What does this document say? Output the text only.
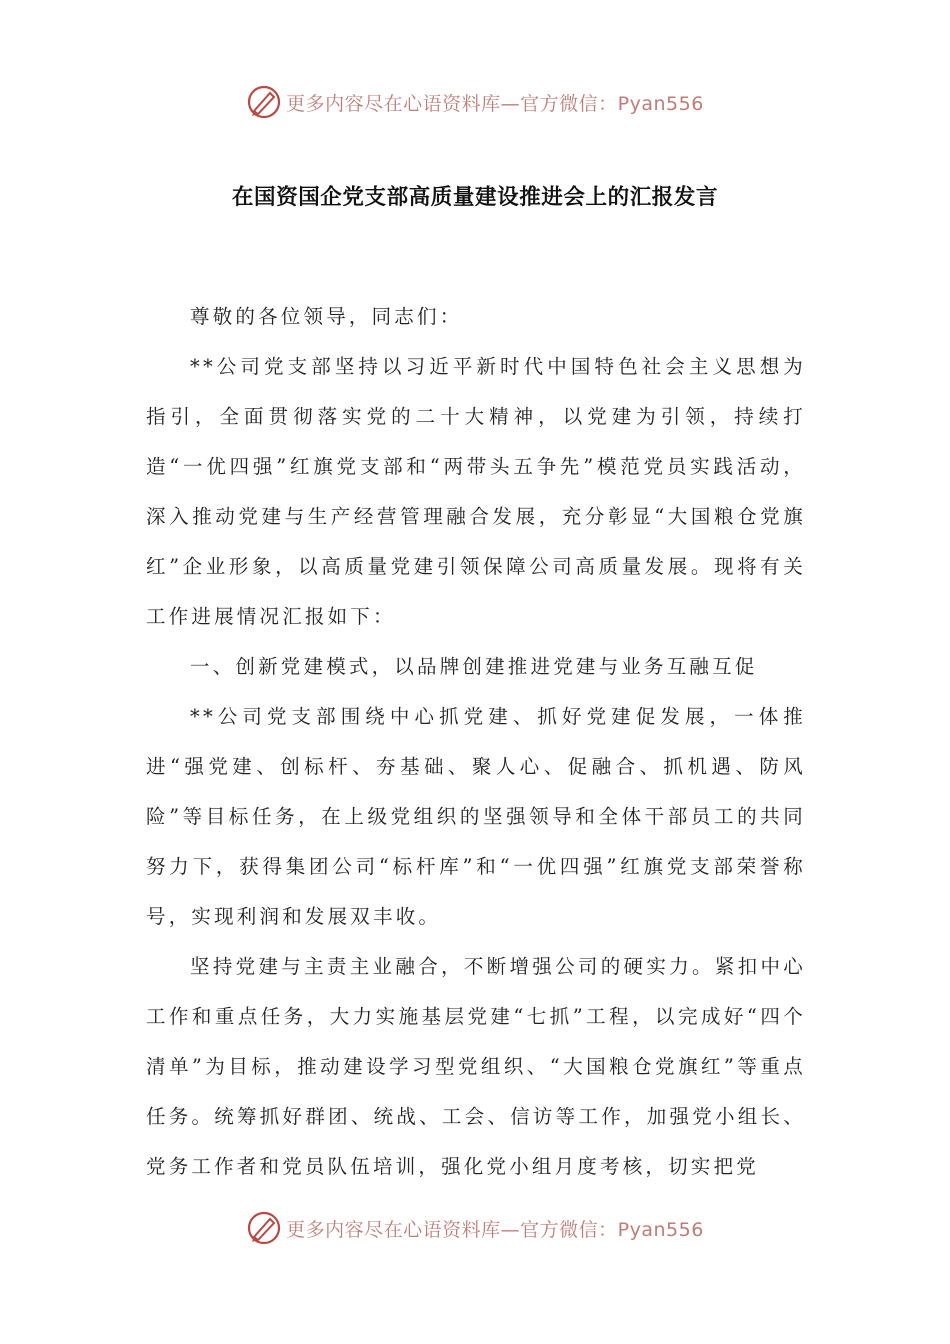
更多内容尽在心语资料库—官方微信：Pyan556
在国资国企党支部高质量建设推进会上的汇报发言

尊敬的各位领导，同志们：

**公司党支部坚持以习近平新时代中国特色社会主义思想为指引，全面贯彻落实党的二十大精神，以党建为引领，持续打造“一优四强”红旗党支部和“两带头五争先”模范党员实践活动，深入推动党建与生产经营管理融合发展，充分彰显“大国粮仓党旗红”企业形象，以高质量党建引领保障公司高质量发展。现将有关工作进展情况汇报如下：

一、创新党建模式，以品牌创建推进党建与业务互融互促

**公司党支部围绕中心抓党建、抓好党建促发展，一体推进“强党建、创标杆、夯基础、聚人心、促融合、抓机遇、防风险”等目标任务，在上级党组织的坚强领导和全体干部员工的共同努力下，获得集团公司“标杆库”和“一优四强”红旗党支部荣誉称号，实现利润和发展双丰收。

坚持党建与主责主业融合，不断增强公司的硬实力。紧扣中心工作和重点任务，大力实施基层党建“七抓”工程，以完成好“四个清单”为目标，推动建设学习型党组织、“大国粮仓党旗红”等重点任务。统筹抓好群团、统战、工会、信访等工作，加强党小组长、党务工作者和党员队伍培训，强化党小组月度考核，切实把党

更多内容尽在心语资料库—官方微信：Pyan556
